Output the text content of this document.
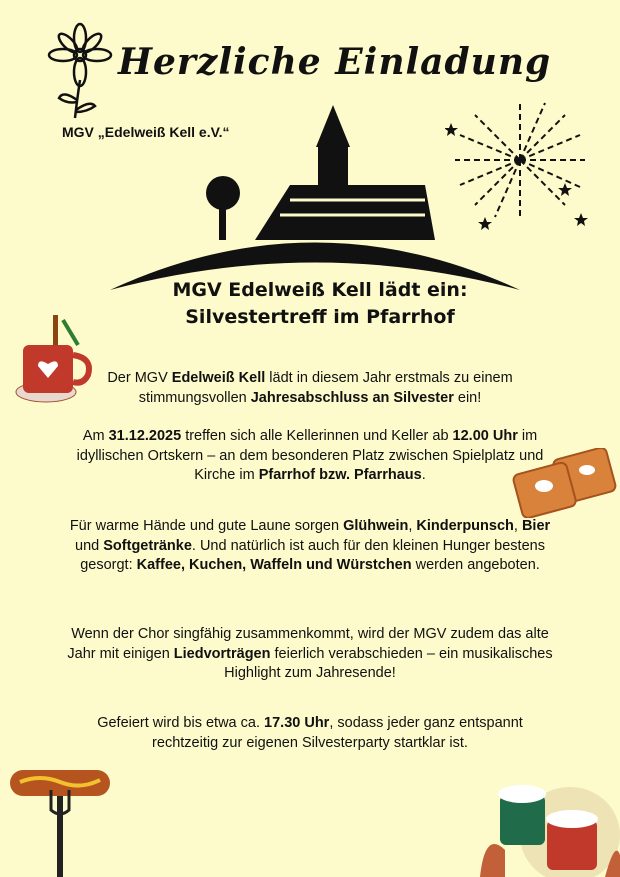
Herzliche Einladung
MGV „Edelweiß Kell e.V.“
MGV Edelweiß Kell lädt ein:
Silvestertreff im Pfarrhof
Der MGV Edelweiß Kell lädt in diesem Jahr erstmals zu einem stimmungsvollen Jahresabschluss an Silvester ein!
Am 31.12.2025 treffen sich alle Kellerinnen und Keller ab 12.00 Uhr im idyllischen Ortskern – an dem besonderen Platz zwischen Spielplatz und Kirche im Pfarrhof bzw. Pfarrhaus.
Für warme Hände und gute Laune sorgen Glühwein, Kinderpunsch, Bier und Softgetränke. Und natürlich ist auch für den kleinen Hunger bestens gesorgt: Kaffee, Kuchen, Waffeln und Würstchen werden angeboten.
Wenn der Chor singfähig zusammenkommt, wird der MGV zudem das alte Jahr mit einigen Liedvorträgen feierlich verabschieden – ein musikalisches Highlight zum Jahresende!
Gefeiert wird bis etwa ca. 17.30 Uhr, sodass jeder ganz entspannt rechtzeitig zur eigenen Silvesterparty startklar ist.
